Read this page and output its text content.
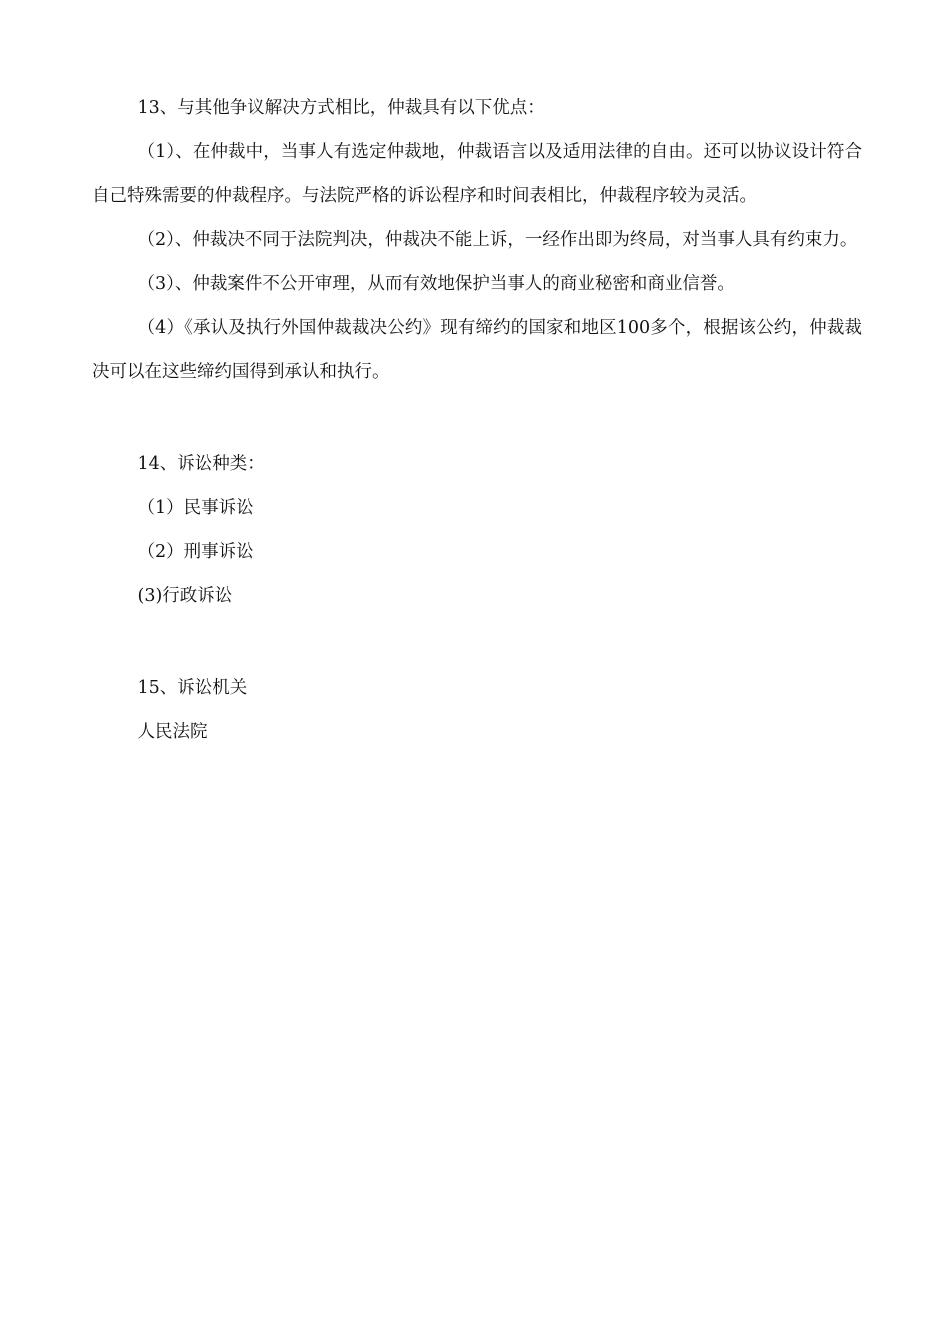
13、与其他争议解决方式相比，仲裁具有以下优点：

（1）、在仲裁中，当事人有选定仲裁地，仲裁语言以及适用法律的自由。还可以协议设计符合自己特殊需要的仲裁程序。与法院严格的诉讼程序和时间表相比，仲裁程序较为灵活。

（2）、仲裁决不同于法院判决，仲裁决不能上诉，一经作出即为终局，对当事人具有约束力。

（3）、仲裁案件不公开审理，从而有效地保护当事人的商业秘密和商业信誉。

（4）《承认及执行外国仲裁裁决公约》现有缔约的国家和地区100多个，根据该公约，仲裁裁决可以在这些缔约国得到承认和执行。

14、诉讼种类：

（1）民事诉讼

（2）刑事诉讼

(3)行政诉讼

15、诉讼机关

人民法院
